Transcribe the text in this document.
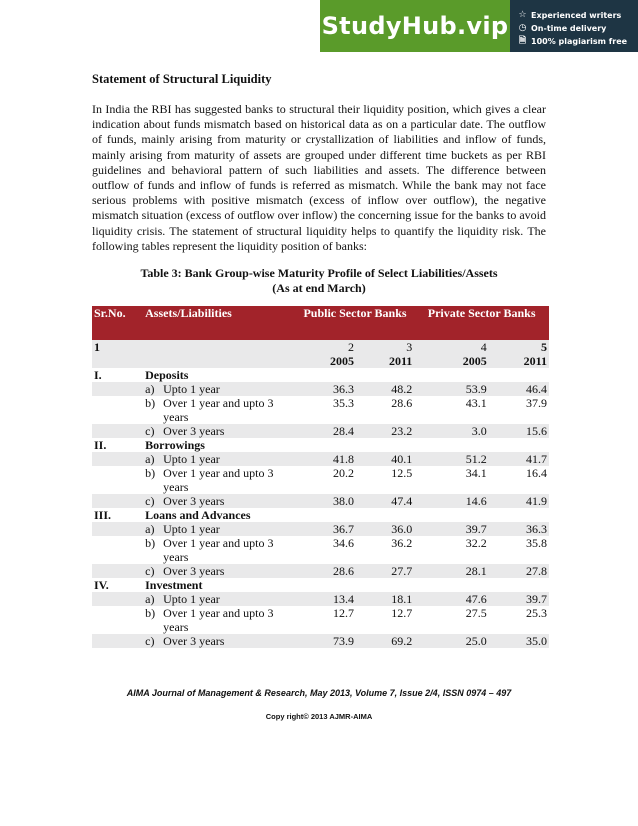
StudyHub.vip ☆ Experienced writers
◷ On-time delivery
🗎 100% plagiarism free

Statement of Structural Liquidity

In India the RBI has suggested banks to structural their liquidity position, which gives a clear indication about funds mismatch based on historical data as on a particular date. The outflow of funds, mainly arising from maturity or crystallization of liabilities and inflow of funds, mainly arising from maturity of assets are grouped under different time buckets as per RBI guidelines and behavioral pattern of such liabilities and assets. The difference between outflow of funds and inflow of funds is referred as mismatch. While the bank may not face serious problems with positive mismatch (excess of inflow over outflow), the negative mismatch situation (excess of outflow over inflow) the concerning issue for the banks to avoid liquidity crisis. The statement of structural liquidity helps to quantify the liquidity risk. The following tables represent the liquidity position of banks:

Table 3: Bank Group-wise Maturity Profile of Select Liabilities/Assets
(As at end March)
Sr.No.	Assets/Liabilities	Public Sector Banks		Private Sector Banks	
1		2	3	4	5
		2005	2011	2005	2011
I.	Deposits				

	a) Upto 1 year	36.3	48.2	53.9	46.4

	b) Over 1 year and upto 3 years	35.3	28.6	43.1	37.9

	c) Over 3 years	28.4	23.2	3.0	15.6
II.	Borrowings				

	a) Upto 1 year	41.8	40.1	51.2	41.7

	b) Over 1 year and upto 3 years	20.2	12.5	34.1	16.4

	c) Over 3 years	38.0	47.4	14.6	41.9
III.	Loans and Advances				

	a) Upto 1 year	36.7	36.0	39.7	36.3

	b) Over 1 year and upto 3 years	34.6	36.2	32.2	35.8

	c) Over 3 years	28.6	27.7	28.1	27.8
IV.	Investment				

	a) Upto 1 year	13.4	18.1	47.6	39.7

	b) Over 1 year and upto 3 years	12.7	12.7	27.5	25.3

	c) Over 3 years	73.9	69.2	25.0	35.0
AIMA Journal of Management & Research, May 2013, Volume 7, Issue 2/4, ISSN 0974 – 497
Copy right© 2013 AJMR-AIMA
